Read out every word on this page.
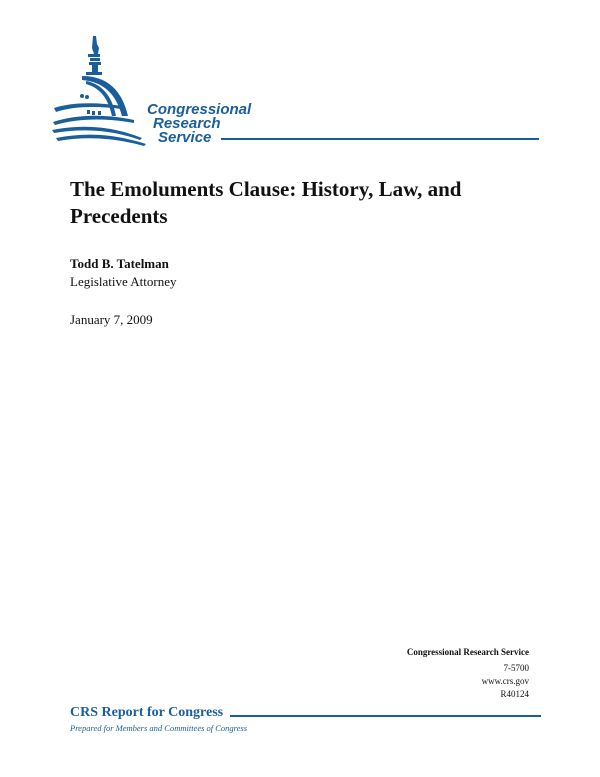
Congressional
Research
Service
The Emoluments Clause: History, Law, and Precedents
Todd B. Tatelman
Legislative Attorney
January 7, 2009
Congressional Research Service
7-5700
www.crs.gov
R40124
CRS Report for Congress
Prepared for Members and Committees of Congress
